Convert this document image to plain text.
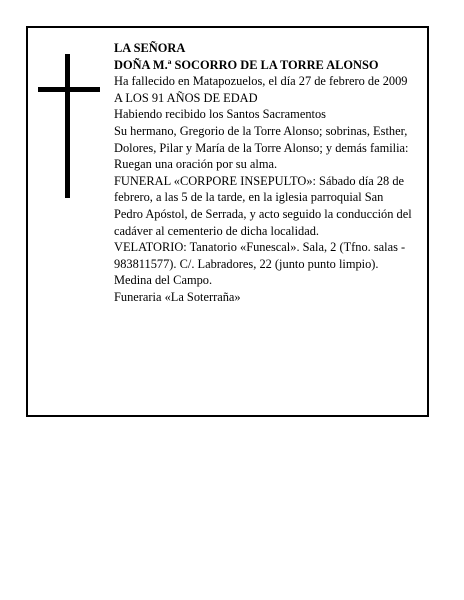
LA SEÑORA

DOÑA M.ª SOCORRO DE LA TORRE ALONSO

Ha fallecido en Matapozuelos, el día 27 de febrero de 2009

A LOS 91 AÑOS DE EDAD

Habiendo recibido los Santos Sacramentos

Su hermano, Gregorio de la Torre Alonso; sobrinas, Esther, Dolores, Pilar y María de la Torre Alonso; y demás familia:

Ruegan una oración por su alma.

FUNERAL «CORPORE INSEPULTO»: Sábado día 28 de febrero, a las 5 de la tarde, en la iglesia parroquial San Pedro Apóstol, de Serrada, y acto seguido la conducción del cadáver al cementerio de dicha localidad.

VELATORIO: Tanatorio «Funescal». Sala, 2 (Tfno. salas - 983811577). C/. Labradores, 22 (junto punto limpio). Medina del Campo.

Funeraria «La Soterraña»
